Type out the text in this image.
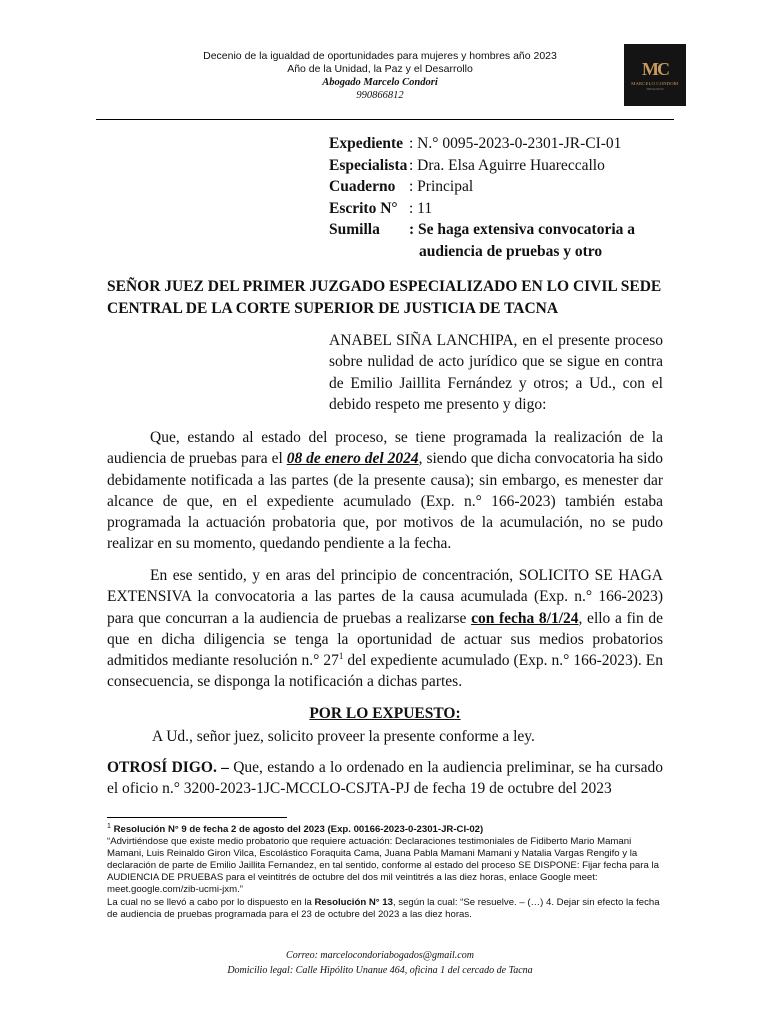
Decenio de la igualdad de oportunidades para mujeres y hombres año 2023
Año de la Unidad, la Paz y el Desarrollo
Abogado Marcelo Condori
990866812
MC
MARCELO CONDORI
ABOGADOS
Expediente : N.° 0095-2023-0-2301-JR-CI-01
Especialista : Dra. Elsa Aguirre Huareccallo
Cuaderno : Principal
Escrito N° : 11
Sumilla	: Se haga extensiva convocatoria a
audiencia de pruebas y otro
SEÑOR JUEZ DEL PRIMER JUZGADO ESPECIALIZADO EN LO CIVIL SEDE CENTRAL DE LA CORTE SUPERIOR DE JUSTICIA DE TACNA
ANABEL SIÑA LANCHIPA, en el presente proceso sobre nulidad de acto jurídico que se sigue en contra de Emilio Jaillita Fernández y otros; a Ud., con el debido respeto me presento y digo:
Que, estando al estado del proceso, se tiene programada la realización de la audiencia de pruebas para el 08 de enero del 2024, siendo que dicha convocatoria ha sido debidamente notificada a las partes (de la presente causa); sin embargo, es menester dar alcance de que, en el expediente acumulado (Exp. n.° 166-2023) también estaba programada la actuación probatoria que, por motivos de la acumulación, no se pudo realizar en su momento, quedando pendiente a la fecha.
En ese sentido, y en aras del principio de concentración, SOLICITO SE HAGA EXTENSIVA la convocatoria a las partes de la causa acumulada (Exp. n.° 166-2023) para que concurran a la audiencia de pruebas a realizarse con fecha 8/1/24, ello a fin de que en dicha diligencia se tenga la oportunidad de actuar sus medios probatorios admitidos mediante resolución n.° $27^1$ del expediente acumulado (Exp. n.° 166-2023). En consecuencia, se disponga la notificación a dichas partes.
POR LO EXPUESTO:
A Ud., señor juez, solicito proveer la presente conforme a ley.
OTROSÍ DIGO. – Que, estando a lo ordenado en la audiencia preliminar, se ha cursado el oficio n.° 3200-2023-1JC-MCCLO-CSJTA-PJ de fecha 19 de octubre del 2023
$^1$ Resolución N° 9 de fecha 2 de agosto del 2023 (Exp. 00166-2023-0-2301-JR-CI-02)
“Advirtiéndose que existe medio probatorio que requiere actuación: Declaraciones testimoniales de Fidiberto Mario Mamani Mamani, Luis Reinaldo Giron Vilca, Escolástico Foraquita Cama, Juana Pabla Mamani Mamani y Natalia Vargas Rengifo y la declaración de parte de Emilio Jaillita Fernandez, en tal sentido, conforme al estado del proceso SE DISPONE: Fijar fecha para la AUDIENCIA DE PRUEBAS para el veintitrés de octubre del dos mil veintitrés a las diez horas, enlace Google meet: meet.google.com/zib-ucmi-jxm.”
La cual no se llevó a cabo por lo dispuesto en la Resolución N° 13, según la cual: “Se resuelve. – (…) 4. Dejar sin efecto la fecha de audiencia de pruebas programada para el 23 de octubre del 2023 a las diez horas.
Correo: marcelocondoriabogados@gmail.com
Domicilio legal: Calle Hipólito Unanue 464, oficina 1 del cercado de Tacna
